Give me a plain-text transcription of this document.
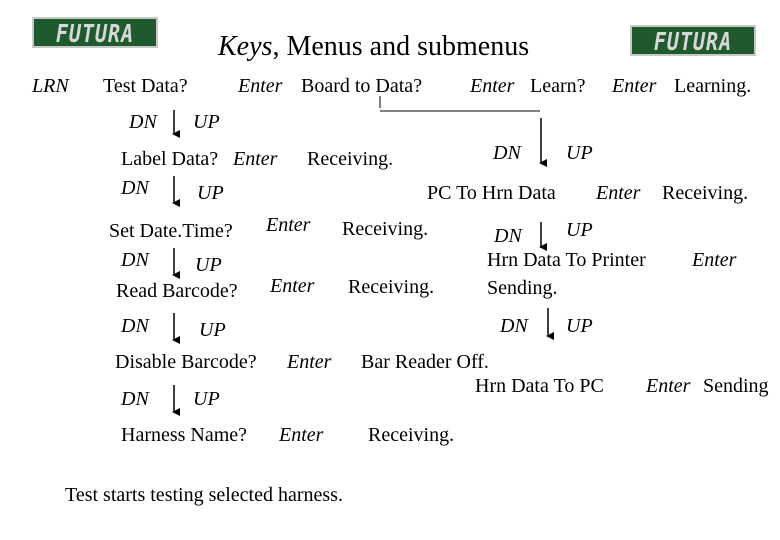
FUTURA	FUTURA
Keys, Menus and submenus
LRN Test Data?	Enter Board to Data? Enter Learn? Enter Learning.
DN UP
Label Data? Enter Receiving.
DN UP
Set Date.Time? Enter Receiving.
DN UP
Read Barcode? Enter Receiving.
DN	UP
Disable Barcode? Enter Bar Reader Off.
DN UP
Harness Name? Enter Receiving.
Test starts testing selected harness.
DN UP
PC To Hrn Data Enter Receiving.
DN UP
Hrn Data To Printer Enter
Sending.
DN UP
Hrn Data To PC Enter Sending
